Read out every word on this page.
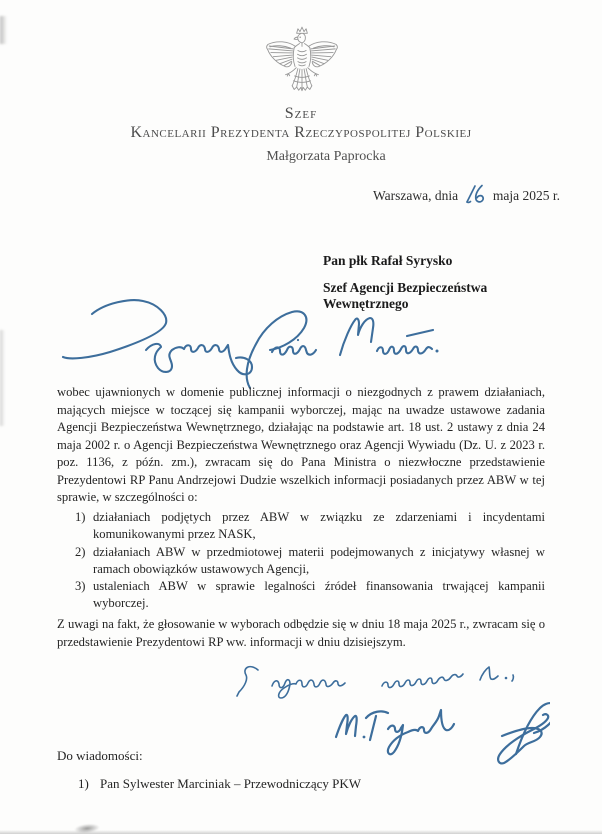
Szef
Kancelarii Prezydenta Rzeczypospolitej Polskiej
Małgorzata Paprocka
Warszawa, dnia	maja 2025 r.
Pan płk Rafał Syrysko
Szef Agencji Bezpieczeństwa Wewnętrznego
wobec ujawnionych w domenie publicznej informacji o niezgodnych z prawem działaniach, mających miejsce w toczącej się kampanii wyborczej, mając na uwadze ustawowe zadania Agencji Bezpieczeństwa Wewnętrznego, działając na podstawie art. 18 ust. 2 ustawy z dnia 24 maja 2002 r. o Agencji Bezpieczeństwa Wewnętrznego oraz Agencji Wywiadu (Dz. U. z 2023 r. poz. 1136, z późn. zm.), zwracam się do Pana Ministra o niezwłoczne przedstawienie Prezydentowi RP Panu Andrzejowi Dudzie wszelkich informacji posiadanych przez ABW w tej sprawie, w szczególności o:
1) działaniach podjętych przez ABW w związku ze zdarzeniami i incydentami komunikowanymi przez NASK,
2) działaniach ABW w przedmiotowej materii podejmowanych z inicjatywy własnej w ramach obowiązków ustawowych Agencji,
3) ustaleniach ABW w sprawie legalności źródeł finansowania trwającej kampanii wyborczej.
Z uwagi na fakt, że głosowanie w wyborach odbędzie się w dniu 18 maja 2025 r., zwracam się o przedstawienie Prezydentowi RP ww. informacji w dniu dzisiejszym.
Do wiadomości:
1) Pan Sylwester Marciniak – Przewodniczący PKW
